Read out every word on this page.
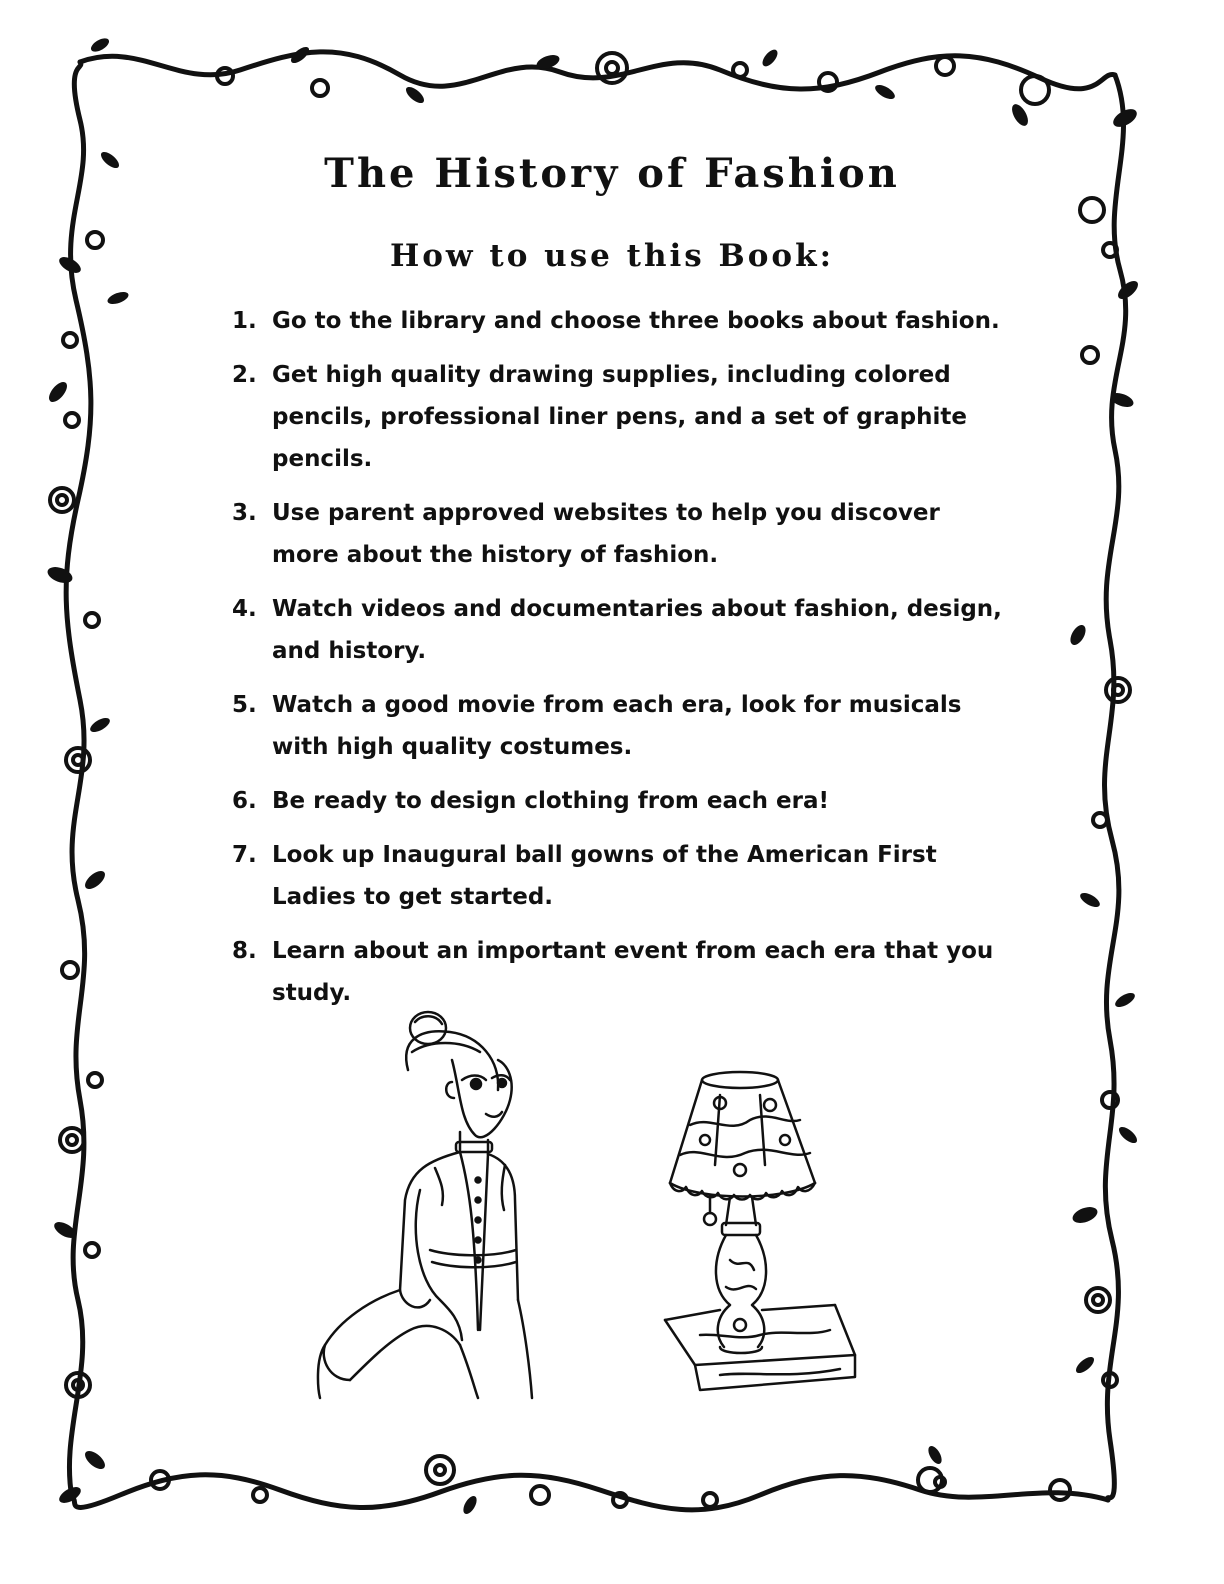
The History of Fashion
How to use this Book:
1. Go to the library and choose three books about fashion.
2. Get high quality drawing supplies, including colored pencils, professional liner pens, and a set of graphite pencils.
3. Use parent approved websites to help you discover more about the history of fashion.
4. Watch videos and documentaries about fashion, design, and history.
5. Watch a good movie from each era, look for musicals with high quality costumes.
6. Be ready to design clothing from each era!
7. Look up Inaugural ball gowns of the American First Ladies to get started.
8. Learn about an important event from each era that you study.
